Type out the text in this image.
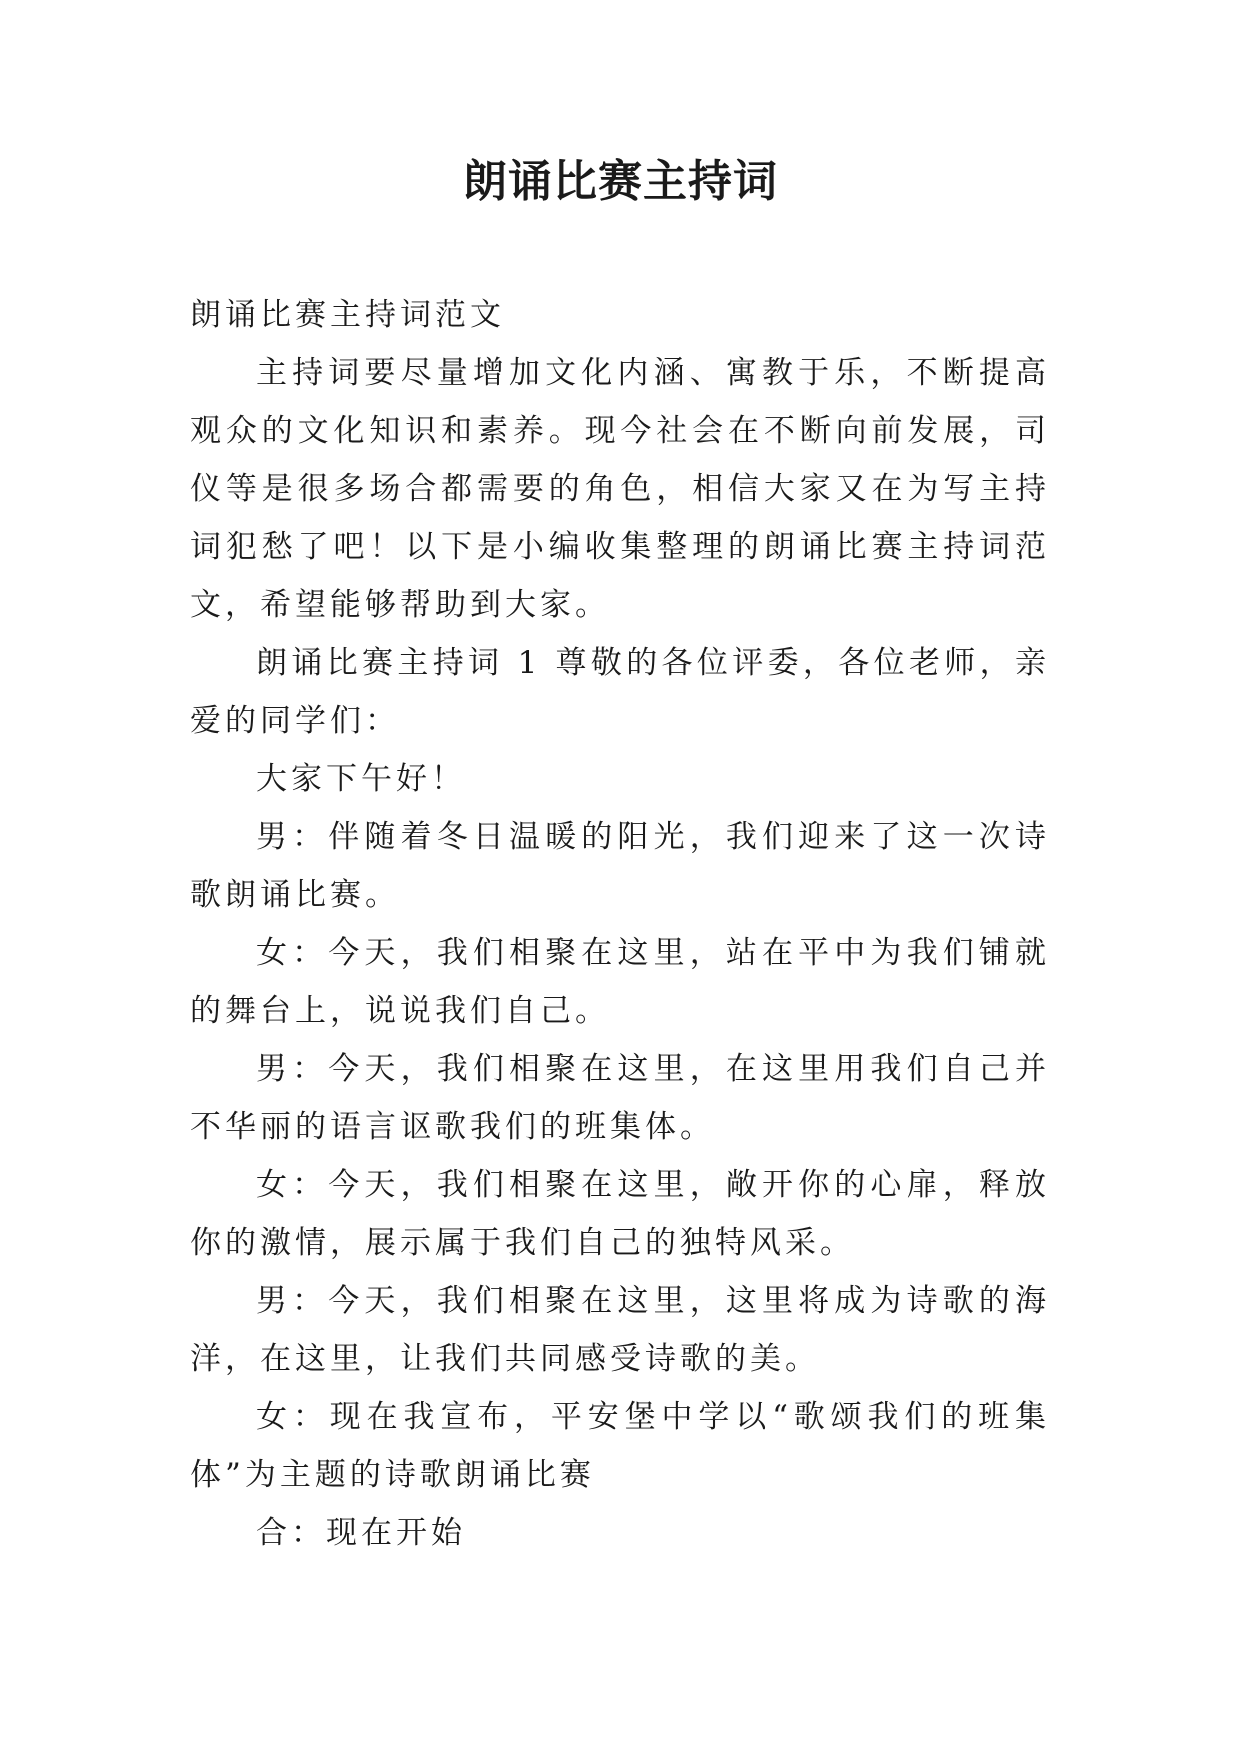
朗诵比赛主持词

朗诵比赛主持词范文

主持词要尽量增加文化内涵、寓教于乐，不断提高观众的文化知识和素养。现今社会在不断向前发展，司仪等是很多场合都需要的角色，相信大家又在为写主持词犯愁了吧！以下是小编收集整理的朗诵比赛主持词范文，希望能够帮助到大家。

朗诵比赛主持词 1 尊敬的各位评委，各位老师，亲爱的同学们：

大家下午好！

男：伴随着冬日温暖的阳光，我们迎来了这一次诗歌朗诵比赛。

女：今天，我们相聚在这里，站在平中为我们铺就的舞台上，说说我们自己。

男：今天，我们相聚在这里，在这里用我们自己并不华丽的语言讴歌我们的班集体。

女：今天，我们相聚在这里，敞开你的心扉，释放你的激情，展示属于我们自己的独特风采。

男：今天，我们相聚在这里，这里将成为诗歌的海洋，在这里，让我们共同感受诗歌的美。

女：现在我宣布，平安堡中学以“歌颂我们的班集体”为主题的诗歌朗诵比赛

合：现在开始
